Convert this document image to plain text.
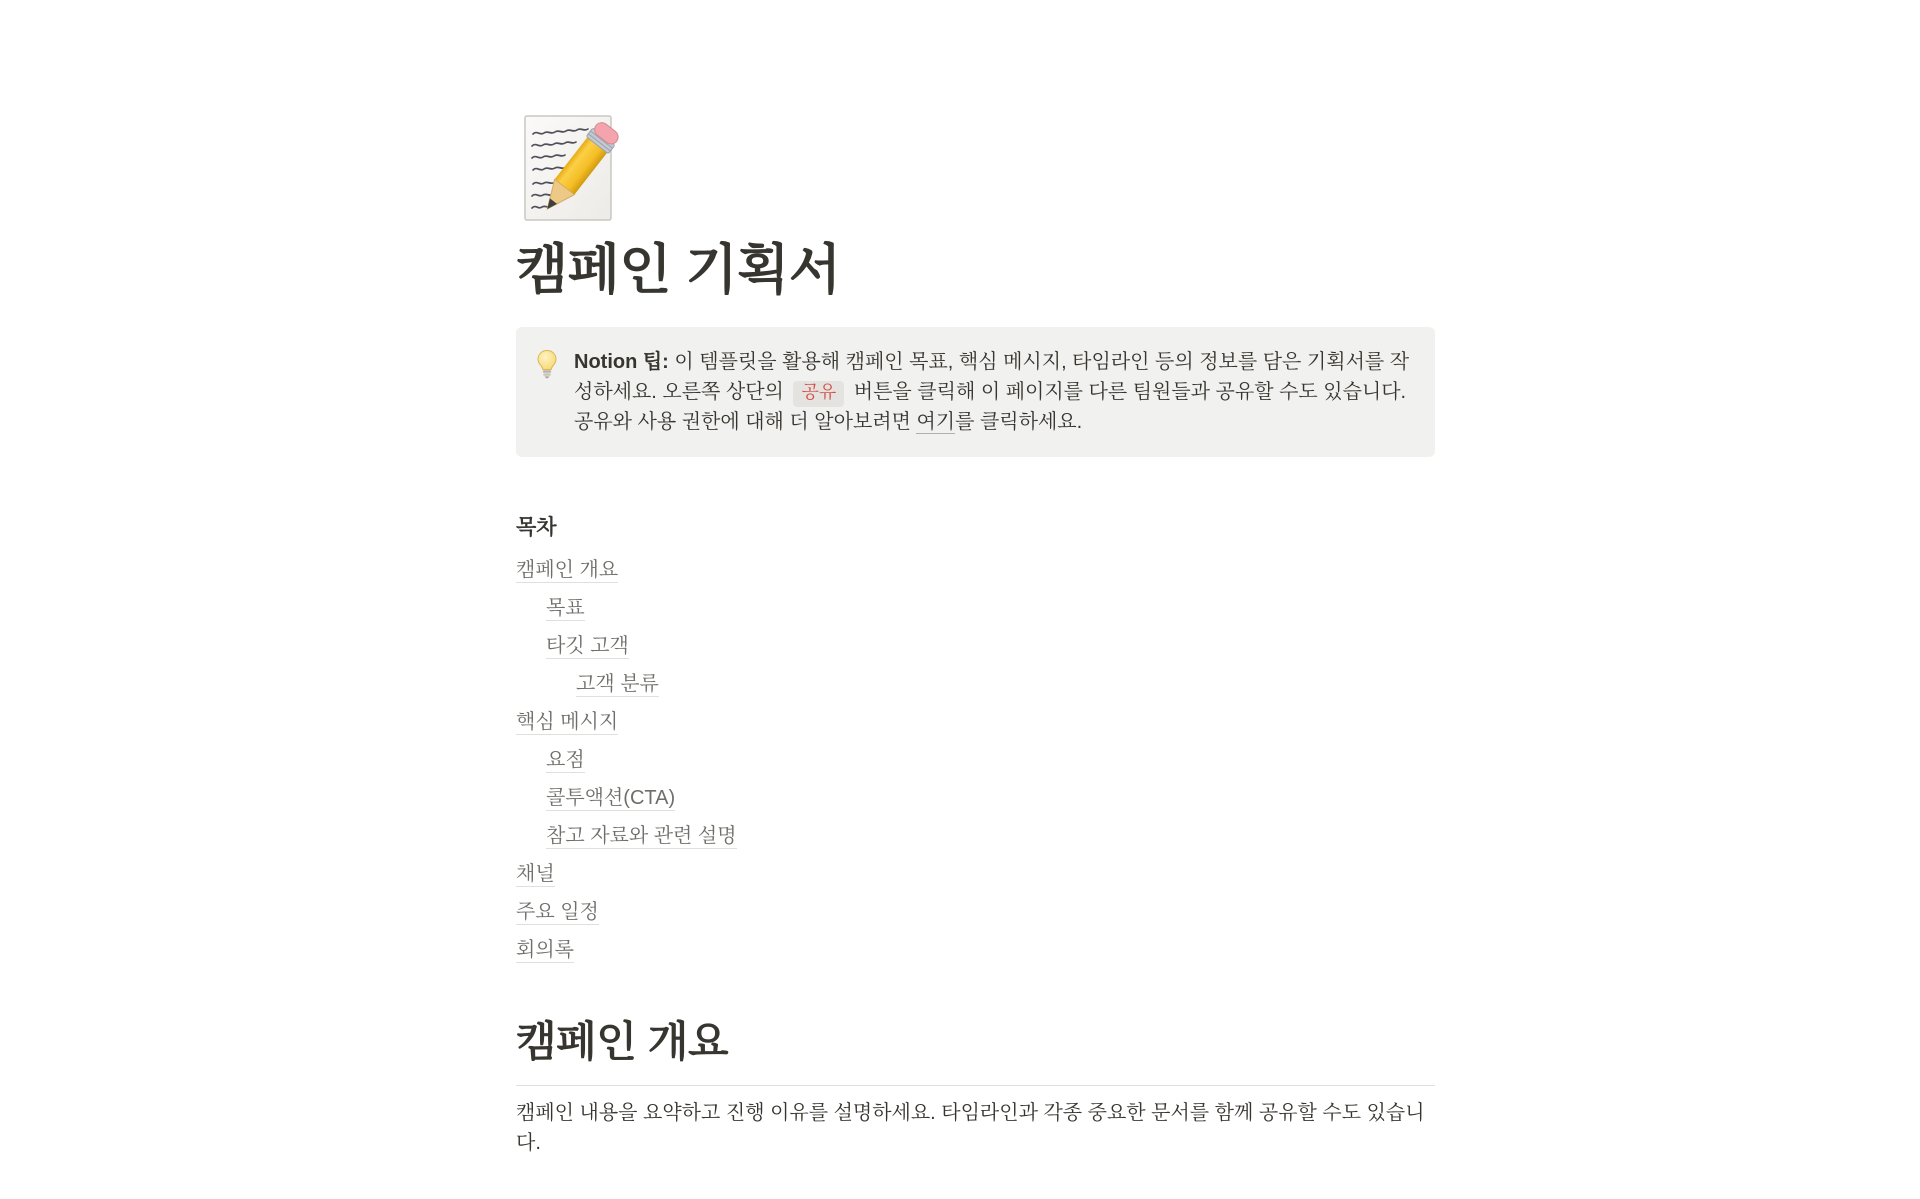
캠페인 기획서
Notion 팁: 이 템플릿을 활용해 캠페인 목표, 핵심 메시지, 타임라인 등의 정보를 담은 기획서를 작성하세요. 오른쪽 상단의 공유 버튼을 클릭해 이 페이지를 다른 팀원들과 공유할 수도 있습니다. 공유와 사용 권한에 대해 더 알아보려면 여기를 클릭하세요.
목차
캠페인 개요
목표
타깃 고객
고객 분류
핵심 메시지
요점
콜투액션(CTA)
참고 자료와 관련 설명
채널
주요 일정
회의록
캠페인 개요

캠페인 내용을 요약하고 진행 이유를 설명하세요. 타임라인과 각종 중요한 문서를 함께 공유할 수도 있습니다.
